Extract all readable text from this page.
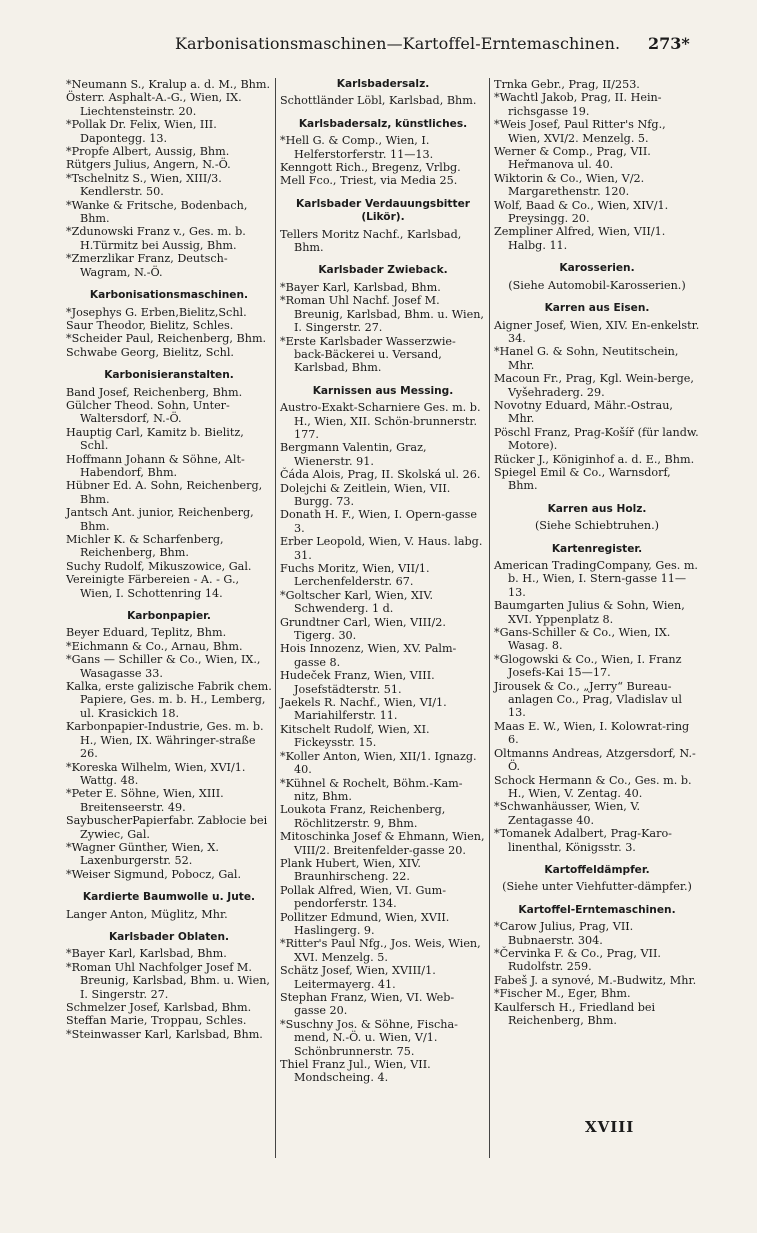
Karbonisationsmaschinen—Kartoffel-Erntemaschinen. 273*
*Neumann S., Kralup a. d. M., Bhm.
Österr. Asphalt-A.-G., Wien, IX. Liechtensteinstr. 20.
*Pollak Dr. Felix, Wien, III. Dapontegg. 13.
*Propfe Albert, Aussig, Bhm.
Rütgers Julius, Angern, N.-Ö.
*Tschelnitz S., Wien, XIII/3. Kendlerstr. 50.
*Wanke & Fritsche, Bodenbach, Bhm.
*Zdunowski Franz v., Ges. m. b. H.Türmitz bei Aussig, Bhm.
*Zmerzlikar Franz, Deutsch-Wagram, N.-Ö.
Karbonisationsmaschinen.
*Josephys G. Erben,Bielitz,Schl.
Saur Theodor, Bielitz, Schles.
*Scheider Paul, Reichenberg, Bhm.
Schwabe Georg, Bielitz, Schl.
Karbonisieranstalten.
Band Josef, Reichenberg, Bhm.
Gülcher Theod. Sohn, Unter-Waltersdorf, N.-Ö.
Hauptig Carl, Kamitz b. Bielitz, Schl.
Hoffmann Johann & Söhne, Alt-Habendorf, Bhm.
Hübner Ed. A. Sohn, Reichenberg, Bhm.
Jantsch Ant. junior, Reichenberg, Bhm.
Michler K. & Scharfenberg, Reichenberg, Bhm.
Suchy Rudolf, Mikuszowice, Gal.
Vereinigte Färbereien - A. - G., Wien, I. Schottenring 14.
Karbonpapier.
Beyer Eduard, Teplitz, Bhm.
*Eichmann & Co., Arnau, Bhm.
*Gans — Schiller & Co., Wien, IX., Wasagasse 33.
Kalka, erste galizische Fabrik chem. Papiere, Ges. m. b. H., Lemberg, ul. Krasickich 18.
Karbonpapier-Industrie, Ges. m. b. H., Wien, IX. Währinger-straße 26.
*Koreska Wilhelm, Wien, XVI/1. Wattg. 48.
*Peter E. Söhne, Wien, XIII. Breitenseerstr. 49.
SaybuscherPapierfabr. Zabłocie bei Zywiec, Gal.
*Wagner Günther, Wien, X. Laxenburgerstr. 52.
*Weiser Sigmund, Pobocz, Gal.
Kardierte Baumwolle u. Jute.
Langer Anton, Müglitz, Mhr.
Karlsbader Oblaten.
*Bayer Karl, Karlsbad, Bhm.
*Roman Uhl Nachfolger Josef M. Breunig, Karlsbad, Bhm. u. Wien, I. Singerstr. 27.
Schmelzer Josef, Karlsbad, Bhm.
Steffan Marie, Troppau, Schles.
*Steinwasser Karl, Karlsbad, Bhm.
Karlsbadersalz.
Schottländer Löbl, Karlsbad, Bhm.
Karlsbadersalz, künstliches.
*Hell G. & Comp., Wien, I. Helferstorferstr. 11—13.
Kenngott Rich., Bregenz, Vrlbg.
Mell Fco., Triest, via Media 25.
Karlsbader Verdauungsbitter (Likör).
Tellers Moritz Nachf., Karlsbad, Bhm.
Karlsbader Zwieback.
*Bayer Karl, Karlsbad, Bhm.
*Roman Uhl Nachf. Josef M. Breunig, Karlsbad, Bhm. u. Wien, I. Singerstr. 27.
*Erste Karlsbader Wasserzwie-back-Bäckerei u. Versand, Karlsbad, Bhm.
Karnissen aus Messing.
Austro-Exakt-Scharniere Ges. m. b. H., Wien, XII. Schön-brunnerstr. 177.
Bergmann Valentin, Graz, Wienerstr. 91.
Čáda Alois, Prag, II. Skolská ul. 26.
Dolejchi & Zeitlein, Wien, VII. Burgg. 73.
Donath H. F., Wien, I. Opern-gasse 3.
Erber Leopold, Wien, V. Haus. labg. 31.
Fuchs Moritz, Wien, VII/1. Lerchenfelderstr. 67.
*Goltscher Karl, Wien, XIV. Schwenderg. 1 d.
Grundtner Carl, Wien, VIII/2. Tigerg. 30.
Hois Innozenz, Wien, XV. Palm-gasse 8.
Hudeček Franz, Wien, VIII. Josefstädterstr. 51.
Jaekels R. Nachf., Wien, VI/1. Mariahilferstr. 11.
Kitschelt Rudolf, Wien, XI. Fickeysstr. 15.
*Koller Anton, Wien, XII/1. Ignazg. 40.
*Kühnel & Rochelt, Böhm.-Kam-nitz, Bhm.
Loukota Franz, Reichenberg, Röchlitzerstr. 9, Bhm.
Mitoschinka Josef & Ehmann, Wien, VIII/2. Breitenfelder-gasse 20.
Plank Hubert, Wien, XIV. Braunhirscheng. 22.
Pollak Alfred, Wien, VI. Gum-pendorferstr. 134.
Pollitzer Edmund, Wien, XVII. Haslingerg. 9.
*Ritter's Paul Nfg., Jos. Weis, Wien, XVI. Menzelg. 5.
Schätz Josef, Wien, XVIII/1. Leitermayerg. 41.
Stephan Franz, Wien, VI. Web-gasse 20.
*Suschny Jos. & Söhne, Fischa-mend, N.-Ö. u. Wien, V/1. Schönbrunnerstr. 75.
Thiel Franz Jul., Wien, VII. Mondscheing. 4.
Trnka Gebr., Prag, II/253.
*Wachtl Jakob, Prag, II. Hein-richsgasse 19.
*Weis Josef, Paul Ritter's Nfg., Wien, XVI/2. Menzelg. 5.
Werner & Comp., Prag, VII. Heřmanova ul. 40.
Wiktorin & Co., Wien, V/2. Margarethenstr. 120.
Wolf, Baad & Co., Wien, XIV/1. Preysingg. 20.
Zempliner Alfred, Wien, VII/1. Halbg. 11.
Karosserien.
(Siehe Automobil-Karosserien.)
Karren aus Eisen.
Aigner Josef, Wien, XIV. En-enkelstr. 34.
*Hanel G. & Sohn, Neutitschein, Mhr.
Macoun Fr., Prag, Kgl. Wein-berge, Vyšehraderg. 29.
Novotny Eduard, Mähr.-Ostrau, Mhr.
Pöschl Franz, Prag-Košíř (für landw. Motore).
Rücker J., Königinhof a. d. E., Bhm.
Spiegel Emil & Co., Warnsdorf, Bhm.
Karren aus Holz.
(Siehe Schiebtruhen.)
Kartenregister.
American TradingCompany, Ges. m. b. H., Wien, I. Stern-gasse 11—13.
Baumgarten Julius & Sohn, Wien, XVI. Yppenplatz 8.
*Gans-Schiller & Co., Wien, IX. Wasag. 8.
*Glogowski & Co., Wien, I. Franz Josefs-Kai 15—17.
Jirousek & Co., „Jerry“ Bureau-anlagen Co., Prag, Vladislav ul 13.
Maas E. W., Wien, I. Kolowrat-ring 6.
Oltmanns Andreas, Atzgersdorf, N.-Ö.
Schock Hermann & Co., Ges. m. b. H., Wien, V. Zentag. 40.
*Schwanhäusser, Wien, V. Zentagasse 40.
*Tomanek Adalbert, Prag-Karo-linenthal, Königsstr. 3.
Kartoffeldämpfer.
(Siehe unter Viehfutter-dämpfer.)
Kartoffel-Erntemaschinen.
*Carow Julius, Prag, VII. Bubnaerstr. 304.
*Červinka F. & Co., Prag, VII. Rudolfstr. 259.
Fabeš J. a synové, M.-Budwitz, Mhr.
*Fischer M., Eger, Bhm.
Kaulfersch H., Friedland bei Reichenberg, Bhm.
XVIII
